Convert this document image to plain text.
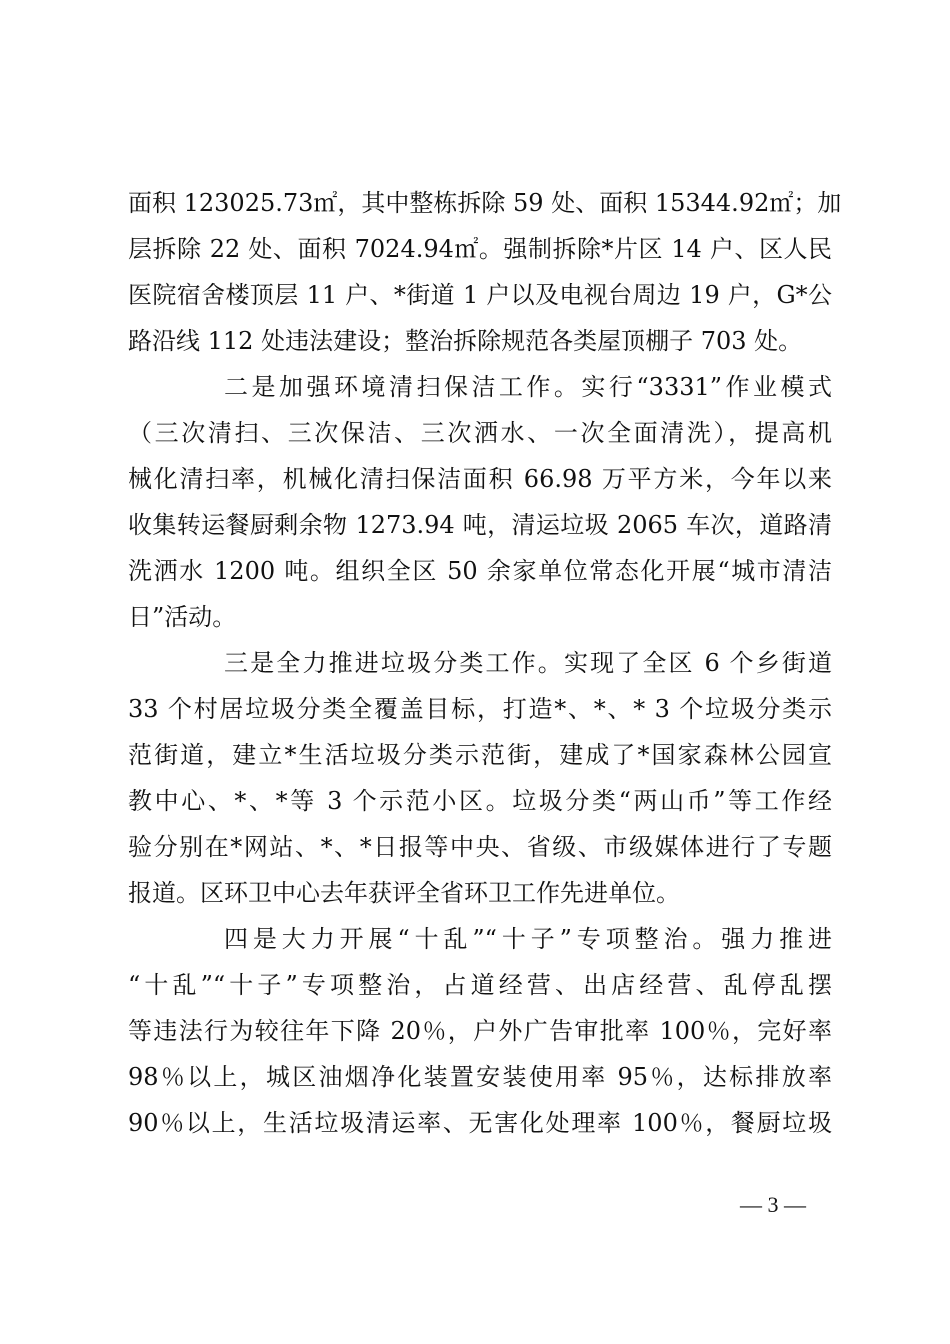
面积 123025.73㎡，其中整栋拆除 59 处、面积 15344.92㎡；加
层拆除 22 处、面积 7024.94㎡。强制拆除*片区 14 户、区人民
医院宿舍楼顶层 11 户、*街道 1 户以及电视台周边 19 户，G*公
路沿线 112 处违法建设；整治拆除规范各类屋顶棚子 703 处。
二是加强环境清扫保洁工作。实行“3331”作业模式
（三次清扫、三次保洁、三次洒水、一次全面清洗），提高机
械化清扫率，机械化清扫保洁面积 66.98 万平方米，今年以来
收集转运餐厨剩余物 1273.94 吨，清运垃圾 2065 车次，道路清
洗洒水 1200 吨。组织全区 50 余家单位常态化开展“城市清洁
日”活动。
三是全力推进垃圾分类工作。实现了全区 6 个乡街道
33 个村居垃圾分类全覆盖目标，打造*、*、* 3 个垃圾分类示
范街道，建立*生活垃圾分类示范街，建成了*国家森林公园宣
教中心、*、*等 3 个示范小区。垃圾分类“两山币”等工作经
验分别在*网站、*、*日报等中央、省级、市级媒体进行了专题
报道。区环卫中心去年获评全省环卫工作先进单位。
四是大力开展“十乱”“十子”专项整治。强力推进
“十乱”“十子”专项整治，占道经营、出店经营、乱停乱摆
等违法行为较往年下降 20％，户外广告审批率 100％，完好率
98％以上，城区油烟净化装置安装使用率 95％，达标排放率
90％以上，生活垃圾清运率、无害化处理率 100％，餐厨垃圾
— 3 —
